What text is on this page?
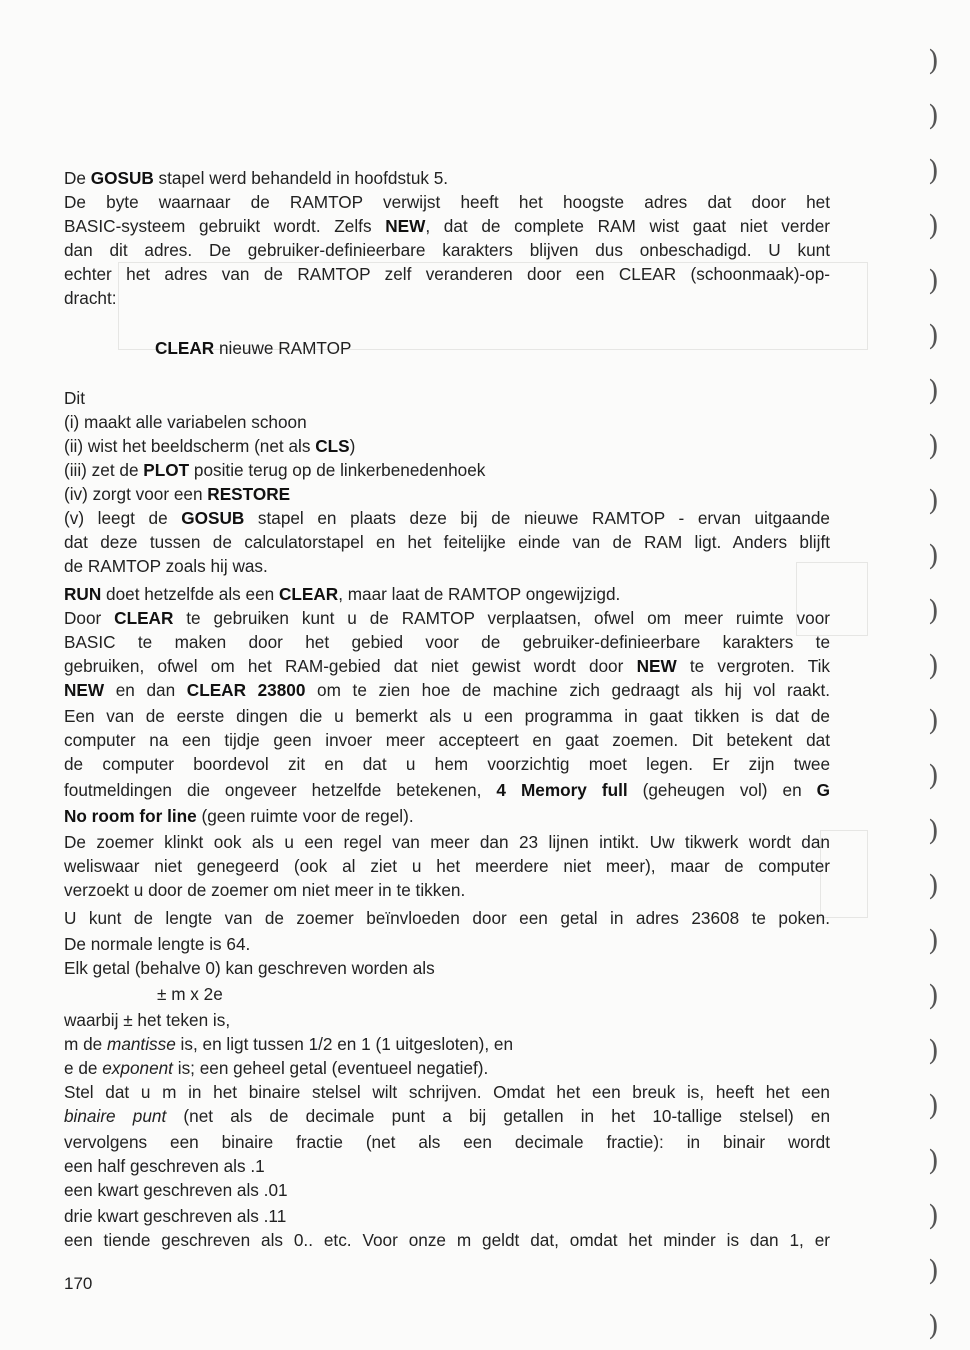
De GOSUB stapel werd behandeld in hoofdstuk 5.
De byte waarnaar de RAMTOP verwijst heeft het hoogste adres dat door het
BASIC-systeem gebruikt wordt. Zelfs NEW, dat de complete RAM wist gaat niet verder
dan dit adres. De gebruiker-definieerbare karakters blijven dus onbeschadigd. U kunt
echter het adres van de RAMTOP zelf veranderen door een CLEAR (schoonmaak)-op-
dracht:
CLEAR nieuwe RAMTOP
Dit
(i) maakt alle variabelen schoon
(ii) wist het beeldscherm (net als CLS)
(iii) zet de PLOT positie terug op de linkerbenedenhoek
(iv) zorgt voor een RESTORE
(v) leegt de GOSUB stapel en plaats deze bij de nieuwe RAMTOP - ervan uitgaande
dat deze tussen de calculatorstapel en het feitelijke einde van de RAM ligt. Anders blijft
de RAMTOP zoals hij was.
RUN doet hetzelfde als een CLEAR, maar laat de RAMTOP ongewijzigd.
Door CLEAR te gebruiken kunt u de RAMTOP verplaatsen, ofwel om meer ruimte voor
BASIC te maken door het gebied voor de gebruiker-definieerbare karakters te
gebruiken, ofwel om het RAM-gebied dat niet gewist wordt door NEW te vergroten. Tik
NEW en dan CLEAR 23800 om te zien hoe de machine zich gedraagt als hij vol raakt.
Een van de eerste dingen die u bemerkt als u een programma in gaat tikken is dat de
computer na een tijdje geen invoer meer accepteert en gaat zoemen. Dit betekent dat
de computer boordevol zit en dat u hem voorzichtig moet legen. Er zijn twee
foutmeldingen die ongeveer hetzelfde betekenen, 4 Memory full (geheugen vol) en G
No room for line (geen ruimte voor de regel).
De zoemer klinkt ook als u een regel van meer dan 23 lijnen intikt. Uw tikwerk wordt dan
weliswaar niet genegeerd (ook al ziet u het meerdere niet meer), maar de computer
verzoekt u door de zoemer om niet meer in te tikken.
U kunt de lengte van de zoemer beïnvloeden door een getal in adres 23608 te poken.
De normale lengte is 64.
Elk getal (behalve 0) kan geschreven worden als
± m x 2e
waarbij ± het teken is,
m de mantisse is, en ligt tussen 1/2 en 1 (1 uitgesloten), en
e de exponent is; een geheel getal (eventueel negatief).
Stel dat u m in het binaire stelsel wilt schrijven. Omdat het een breuk is, heeft het een
binaire punt (net als de decimale punt a bij getallen in het 10-tallige stelsel) en
vervolgens een binaire fractie (net als een decimale fractie): in binair wordt
een half geschreven als .1
een kwart geschreven als .01
drie kwart geschreven als .11
een tiende geschreven als 0.. etc. Voor onze m geldt dat, omdat het minder is dan 1, er
170
)
)
)
)
)
)
)
)
)
)
)
)
)
)
)
)
)
)
)
)
)
)
)
)
